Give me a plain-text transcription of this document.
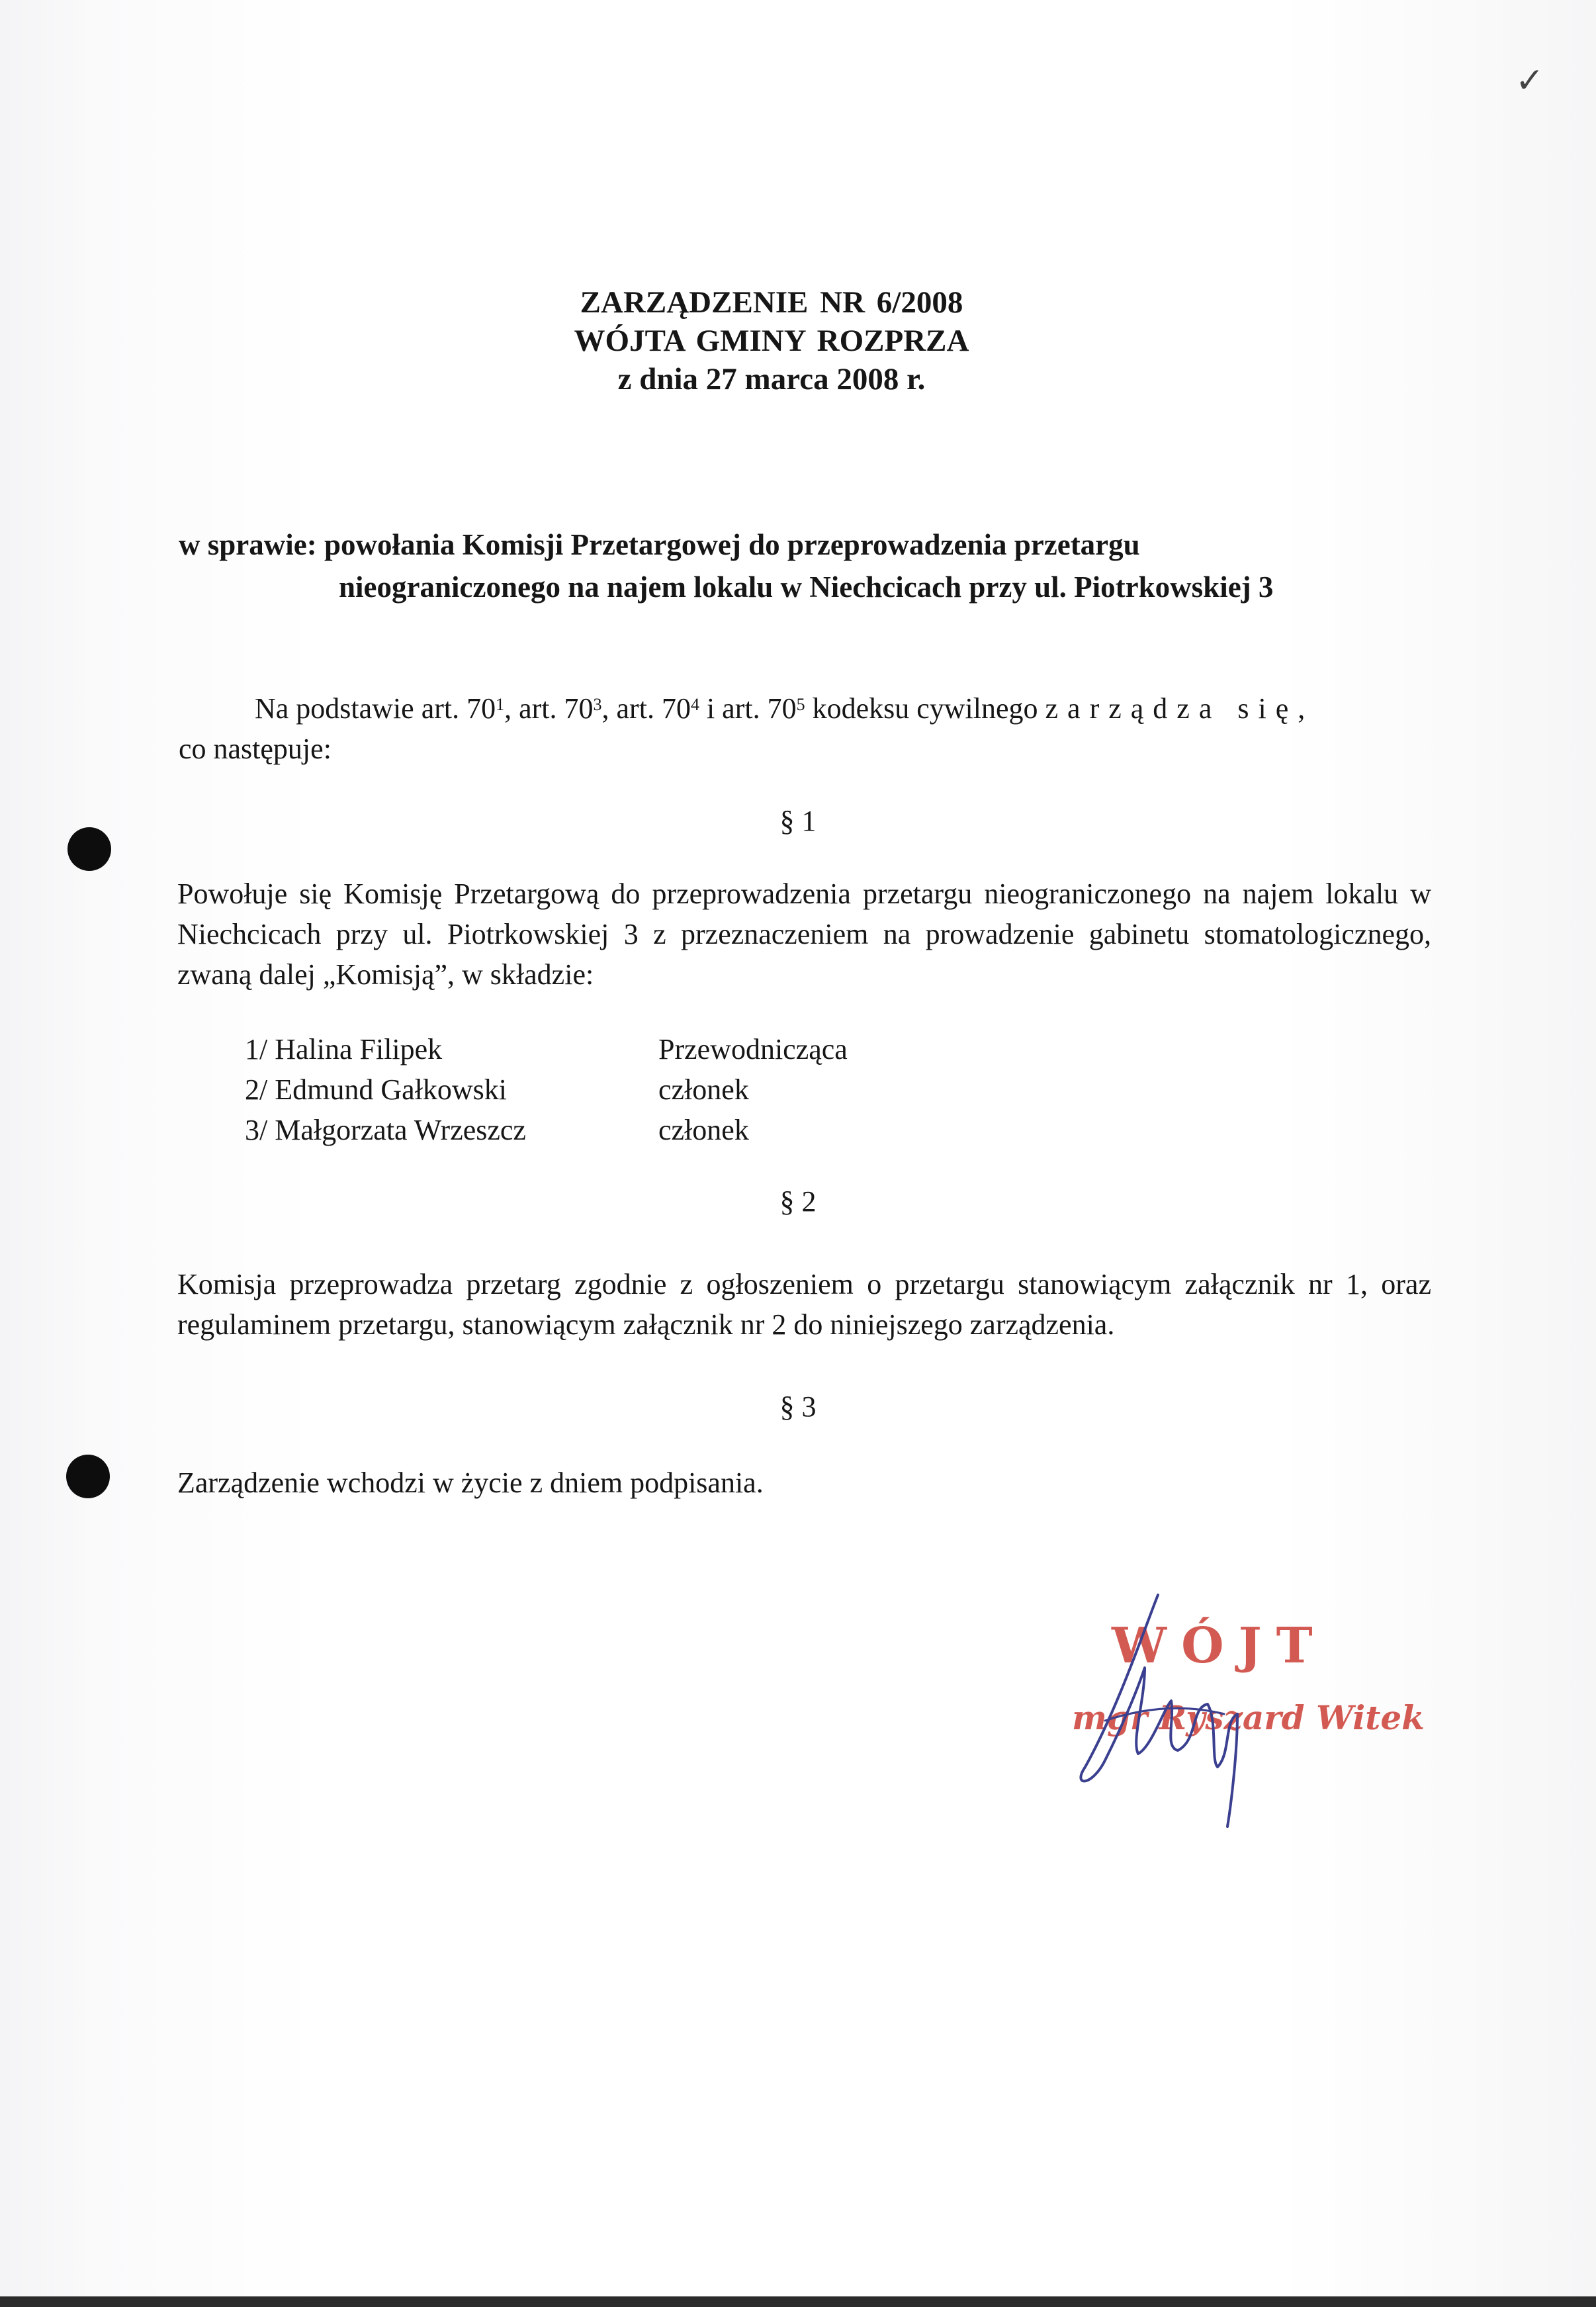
✓
ZARZĄDZENIE NR 6/2008
WÓJTA GMINY ROZPRZA
z dnia 27 marca 2008 r.
w sprawie: powołania Komisji Przetargowej do przeprowadzenia przetargu
nieograniczonego na najem lokalu w Niechcicach przy ul. Piotrkowskiej 3
Na podstawie art. $70^1$, art. $70^3$, art. $70^4$ i art. $70^5$ kodeksu cywilnego zarządza się,
co następuje:
§ 1
Powołuje się Komisję Przetargową do przeprowadzenia przetargu nieograniczonego na najem lokalu w Niechcicach przy ul. Piotrkowskiej 3 z przeznaczeniem na prowadzenie gabinetu stomatologicznego, zwaną dalej „Komisją”, w składzie:
1/ Halina Filipek	Przewodnicząca
2/ Edmund Gałkowski	członek
3/ Małgorzata Wrzeszcz	członek
§ 2
Komisja przeprowadza przetarg zgodnie z ogłoszeniem o przetargu stanowiącym załącznik nr 1, oraz regulaminem przetargu, stanowiącym załącznik nr 2 do niniejszego zarządzenia.
§ 3
Zarządzenie wchodzi w życie z dniem podpisania.
WÓJT
mgr Ryszard Witek
